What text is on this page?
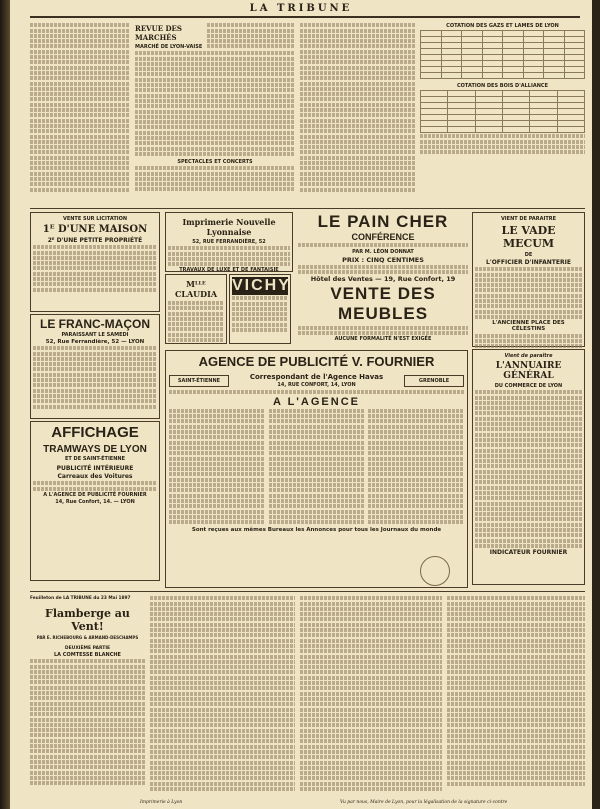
LA TRIBUNE
REVUE DES MARCHÉS
MARCHÉ DE LYON-VAISE
SPECTACLES ET CONCERTS
COTATION DES GAZS ET LAMES DE LYON

COTATION DES BOIS D'ALLIANCE

VENTE SUR LICITATION
1ᴱ D'UNE MAISON
2ᴱ D'UNE PETITE PROPRIÉTÉ
LE FRANC-MAÇON
PARAISSANT LE SAMEDI
52, Rue Ferrandière, 52 — LYON
AFFICHAGE
TRAMWAYS DE LYON
ET DE SAINT-ÉTIENNE
PUBLICITÉ INTÉRIEURE
Carreaux des Voitures
A L'AGENCE DE PUBLICITÉ FOURNIER
14, Rue Confort, 14. — LYON
Imprimerie Nouvelle Lyonnaise
52, RUE FERRANDIÈRE, 52
TRAVAUX DE LUXE ET DE FANTAISIE
Mᴸᴸᴱ CLAUDIA VICHY
LE PAIN CHER
CONFÉRENCE
PAR M. LÉON DONNAT
PRIX : CINQ CENTIMES
Hôtel des Ventes — 19, Rue Confort, 19
VENTE DES MEUBLES
AUCUNE FORMALITÉ N'EST EXIGÉE
VIENT DE PARAITRE
LE VADE MECUM
DE
L'OFFICIER D'INFANTERIE
L'ANCIENNE PLACE DES CÉLESTINS
Vient de paraître
L'ANNUAIRE GÉNÉRAL
DU COMMERCE DE LYON
INDICATEUR FOURNIER
AGENCE DE PUBLICITÉ V. FOURNIER
SAINT-ÉTIENNE	Correspondant de l'Agence Havas
14, RUE CONFORT, 14, LYON
GRENOBLE
A L'AGENCE
Sont reçues aux mêmes Bureaux les Annonces pour tous les Journaux du monde
Feuilleton de LA TRIBUNE du 23 Mai 1897
Flamberge au Vent!
PAR E. RICHEBOURG & ARMAND-DESCHAMPS
DEUXIÈME PARTIE
LA COMTESSE BLANCHE
Imprimerie à Lyon	Vu par nous, Maire de Lyon, pour la légalisation de la signature ci-contre
